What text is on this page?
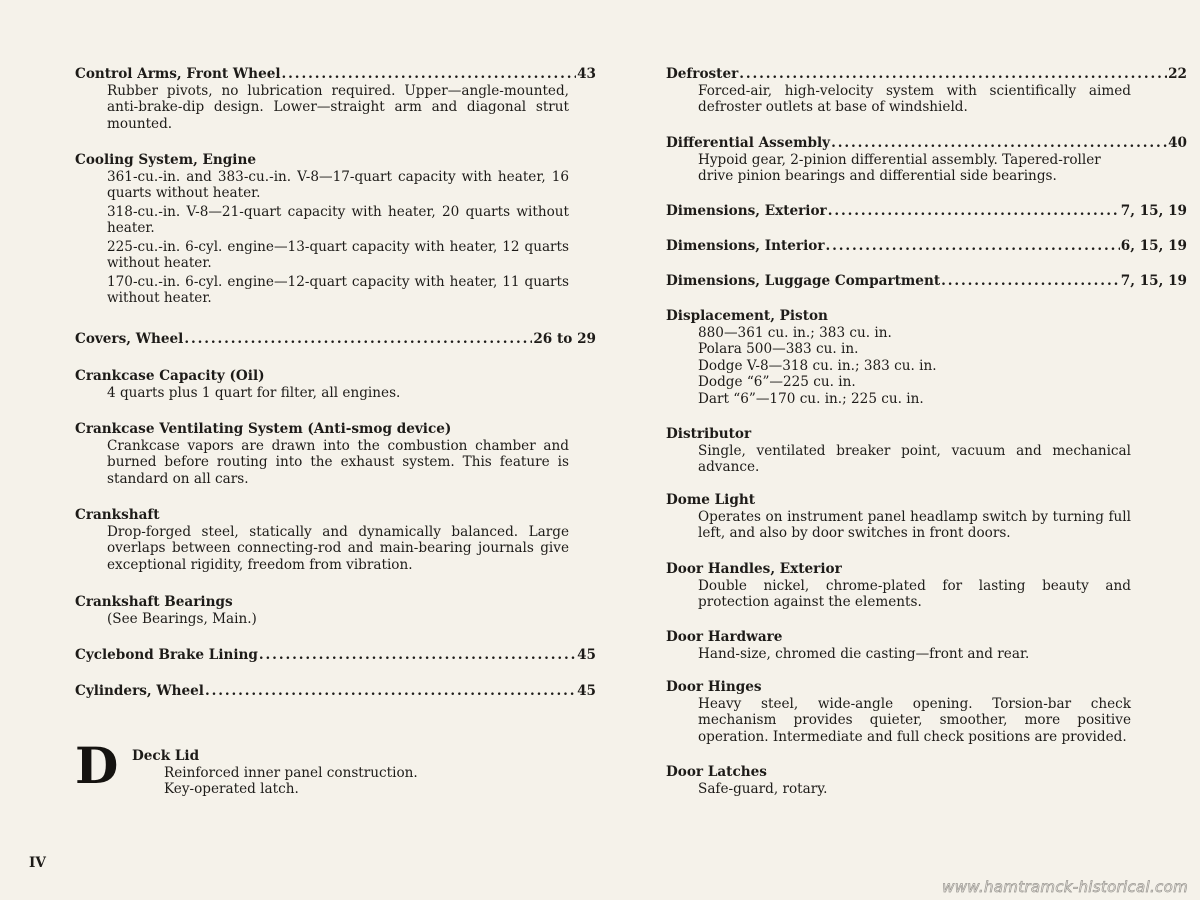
Control Arms, Front Wheel .....	43

Rubber pivots, no lubrication required. Upper—angle-mounted, anti-brake-dip design. Lower—straight arm and diagonal strut mounted.

Cooling System, Engine

361-cu.-in. and 383-cu.-in. V-8—17-quart capacity with heater, 16 quarts without heater.

318-cu.-in. V-8—21-quart capacity with heater, 20 quarts without heater.

225-cu.-in. 6-cyl. engine—13-quart capacity with heater, 12 quarts without heater.

170-cu.-in. 6-cyl. engine—12-quart capacity with heater, 11 quarts without heater.

Covers, Wheel .....	26 to 29
Crankcase Capacity (Oil)

4 quarts plus 1 quart for filter, all engines.

Crankcase Ventilating System (Anti-smog device)

Crankcase vapors are drawn into the combustion chamber and burned before routing into the exhaust system. This feature is standard on all cars.

Crankshaft

Drop-forged steel, statically and dynamically balanced. Large overlaps between connecting-rod and main-bearing journals give exceptional rigidity, freedom from vibration.

Crankshaft Bearings

(See Bearings, Main.)

Cyclebond Brake Lining .....	45
Cylinders, Wheel .....	45
D Deck Lid

Reinforced inner panel construction.

Key-operated latch.

Defroster .....	22

Forced-air, high-velocity system with scientifically aimed defroster outlets at base of windshield.

Differential Assembly .....	40

Hypoid gear, 2-pinion differential assembly. Tapered-roller drive pinion bearings and differential side bearings.

Dimensions, Exterior .....	7, 15, 19
Dimensions, Interior .....	6, 15, 19
Dimensions, Luggage Compartment .....	7, 15, 19
Displacement, Piston

880—361 cu. in.; 383 cu. in.

Polara 500—383 cu. in.

Dodge V-8—318 cu. in.; 383 cu. in.

Dodge “6”—225 cu. in.

Dart “6”—170 cu. in.; 225 cu. in.

Distributor

Single, ventilated breaker point, vacuum and mechanical advance.

Dome Light

Operates on instrument panel headlamp switch by turning full left, and also by door switches in front doors.

Door Handles, Exterior

Double nickel, chrome-plated for lasting beauty and protection against the elements.

Door Hardware

Hand-size, chromed die casting—front and rear.

Door Hinges

Heavy steel, wide-angle opening. Torsion-bar check mechanism provides quieter, smoother, more positive operation. Intermediate and full check positions are provided.

Door Latches

Safe-guard, rotary.

IV
www.hamtramck-historical.com
